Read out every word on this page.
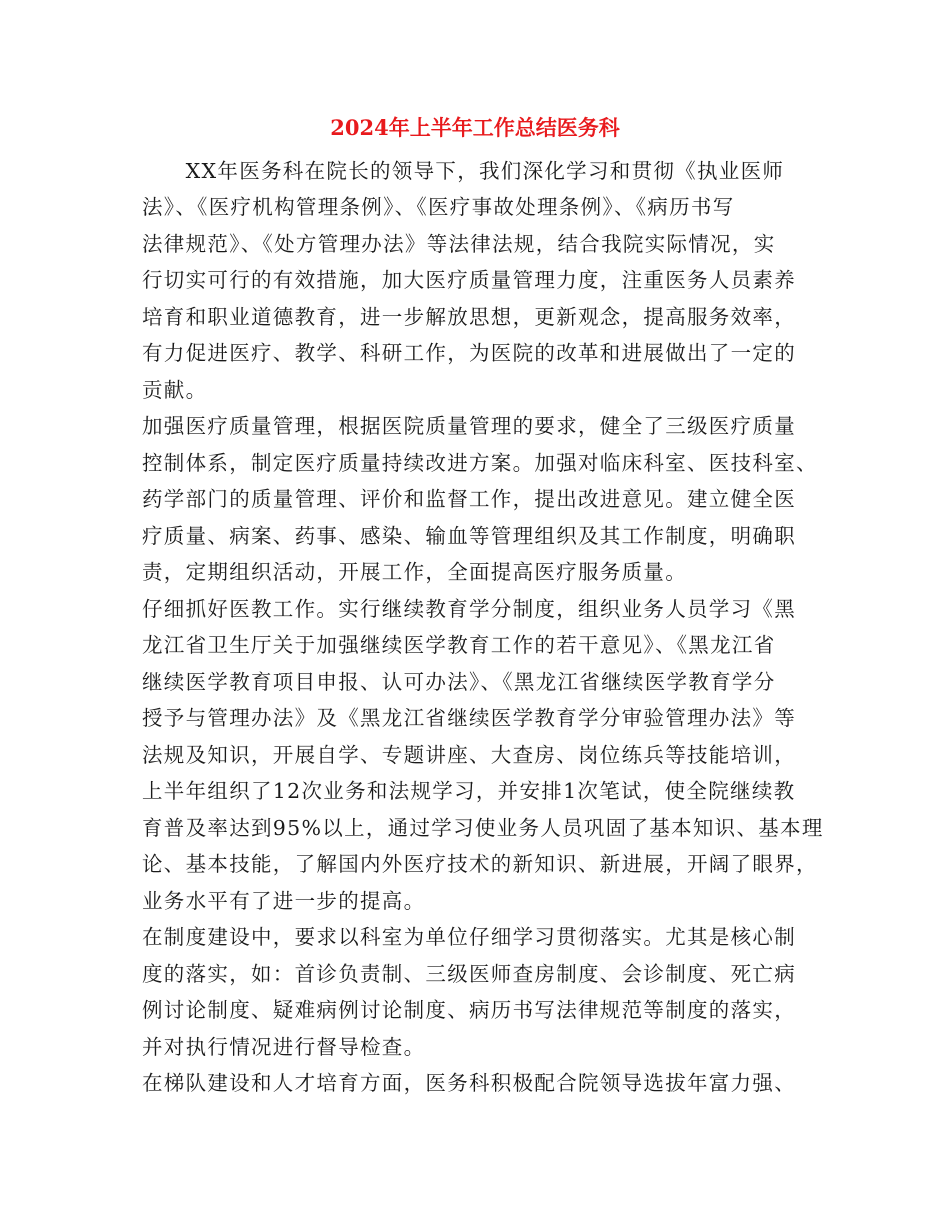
2024年上半年工作总结医务科
　　XX年医务科在院长的领导下，我们深化学习和贯彻《执业医师
法》、《医疗机构管理条例》、《医疗事故处理条例》、《病历书写
法律规范》、《处方管理办法》等法律法规，结合我院实际情况，实
行切实可行的有效措施，加大医疗质量管理力度，注重医务人员素养
培育和职业道德教育，进一步解放思想，更新观念，提高服务效率，
有力促进医疗、教学、科研工作，为医院的改革和进展做出了一定的
贡献。
加强医疗质量管理，根据医院质量管理的要求，健全了三级医疗质量
控制体系，制定医疗质量持续改进方案。加强对临床科室、医技科室、
药学部门的质量管理、评价和监督工作，提出改进意见。建立健全医
疗质量、病案、药事、感染、输血等管理组织及其工作制度，明确职
责，定期组织活动，开展工作，全面提高医疗服务质量。
仔细抓好医教工作。实行继续教育学分制度，组织业务人员学习《黑
龙江省卫生厅关于加强继续医学教育工作的若干意见》、《黑龙江省
继续医学教育项目申报、认可办法》、《黑龙江省继续医学教育学分
授予与管理办法》及《黑龙江省继续医学教育学分审验管理办法》等
法规及知识，开展自学、专题讲座、大查房、岗位练兵等技能培训，
上半年组织了12次业务和法规学习，并安排1次笔试，使全院继续教
育普及率达到95%以上，通过学习使业务人员巩固了基本知识、基本理
论、基本技能，了解国内外医疗技术的新知识、新进展，开阔了眼界，
业务水平有了进一步的提高。
在制度建设中，要求以科室为单位仔细学习贯彻落实。尤其是核心制
度的落实，如：首诊负责制、三级医师查房制度、会诊制度、死亡病
例讨论制度、疑难病例讨论制度、病历书写法律规范等制度的落实，
并对执行情况进行督导检查。
在梯队建设和人才培育方面，医务科积极配合院领导选拔年富力强、
